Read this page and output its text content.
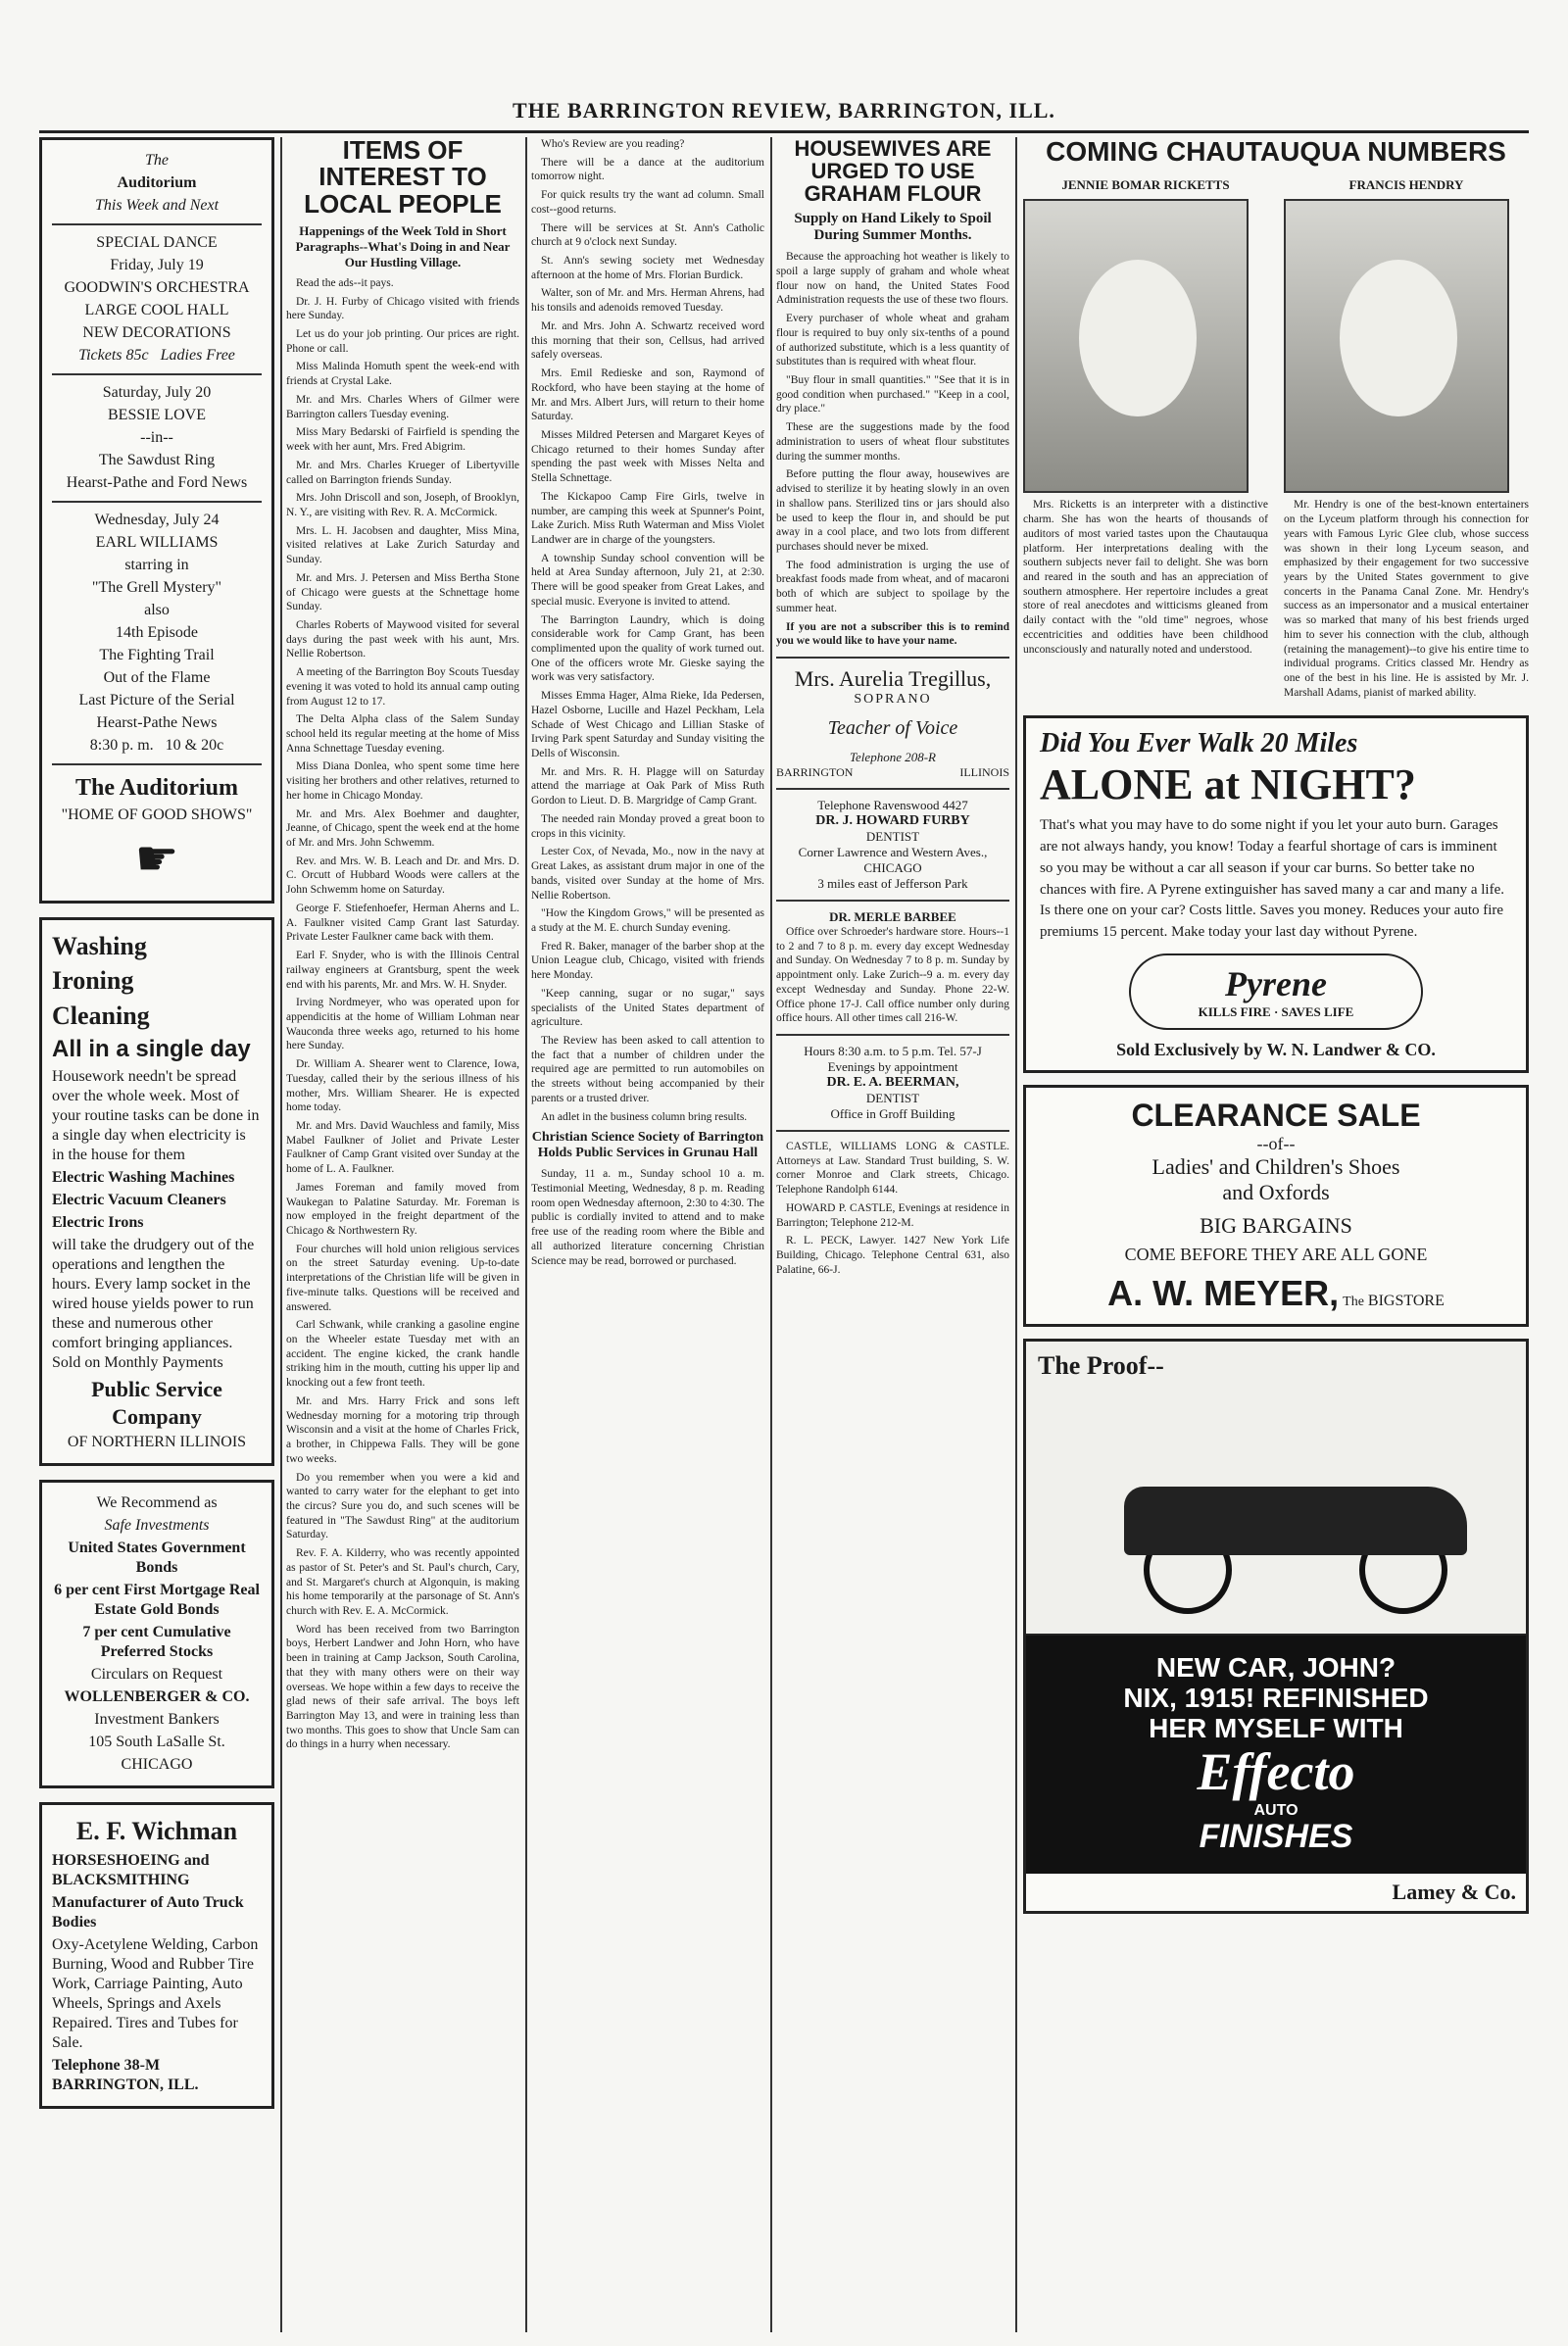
THE BARRINGTON REVIEW, BARRINGTON, ILL.

The

Auditorium

This Week and Next

SPECIAL DANCE

Friday, July 19

GOODWIN'S ORCHESTRA

LARGE COOL HALL

NEW DECORATIONS

Tickets 85c Ladies Free

Saturday, July 20

BESSIE LOVE

--in--

The Sawdust Ring

Hearst-Pathe and Ford News

Wednesday, July 24

EARL WILLIAMS

starring in

"The Grell Mystery"

also

14th Episode

The Fighting Trail

Out of the Flame

Last Picture of the Serial

Hearst-Pathe News

8:30 p. m. 10 & 20c

The Auditorium

"HOME OF GOOD SHOWS"

☛

Washing

Ironing

Cleaning

All in a single day

Housework needn't be spread over the whole week. Most of your routine tasks can be done in a single day when electricity is in the house for them

Electric Washing Machines

Electric Vacuum Cleaners

Electric Irons

will take the drudgery out of the operations and lengthen the hours. Every lamp socket in the wired house yields power to run these and numerous other comfort bringing appliances. Sold on Monthly Payments

Public Service Company

OF NORTHERN ILLINOIS

We Recommend as

Safe Investments

United States Government Bonds

6 per cent First Mortgage Real Estate Gold Bonds

7 per cent Cumulative Preferred Stocks

Circulars on Request

WOLLENBERGER & CO.

Investment Bankers

105 South LaSalle St.

CHICAGO

E. F. Wichman

HORSESHOEING and BLACKSMITHING

Manufacturer of Auto Truck Bodies

Oxy-Acetylene Welding, Carbon Burning, Wood and Rubber Tire Work, Carriage Painting, Auto Wheels, Springs and Axels Repaired. Tires and Tubes for Sale.

Telephone 38-M BARRINGTON, ILL.

ITEMS OF INTEREST TO LOCAL PEOPLE
Happenings of the Week Told in Short Paragraphs--What's Doing in and Near Our Hustling Village.

Read the ads--it pays.

Dr. J. H. Furby of Chicago visited with friends here Sunday.

Let us do your job printing. Our prices are right. Phone or call.

Miss Malinda Homuth spent the week-end with friends at Crystal Lake.

Mr. and Mrs. Charles Whers of Gilmer were Barrington callers Tuesday evening.

Miss Mary Bedarski of Fairfield is spending the week with her aunt, Mrs. Fred Abigrim.

Mr. and Mrs. Charles Krueger of Libertyville called on Barrington friends Sunday.

Mrs. John Driscoll and son, Joseph, of Brooklyn, N. Y., are visiting with Rev. R. A. McCormick.

Mrs. L. H. Jacobsen and daughter, Miss Mina, visited relatives at Lake Zurich Saturday and Sunday.

Mr. and Mrs. J. Petersen and Miss Bertha Stone of Chicago were guests at the Schnettage home Sunday.

Charles Roberts of Maywood visited for several days during the past week with his aunt, Mrs. Nellie Robertson.

A meeting of the Barrington Boy Scouts Tuesday evening it was voted to hold its annual camp outing from August 12 to 17.

The Delta Alpha class of the Salem Sunday school held its regular meeting at the home of Miss Anna Schnettage Tuesday evening.

Miss Diana Donlea, who spent some time here visiting her brothers and other relatives, returned to her home in Chicago Monday.

Mr. and Mrs. Alex Boehmer and daughter, Jeanne, of Chicago, spent the week end at the home of Mr. and Mrs. John Schwemm.

Rev. and Mrs. W. B. Leach and Dr. and Mrs. D. C. Orcutt of Hubbard Woods were callers at the John Schwemm home on Saturday.

George F. Stiefenhoefer, Herman Aherns and L. A. Faulkner visited Camp Grant last Saturday. Private Lester Faulkner came back with them.

Earl F. Snyder, who is with the Illinois Central railway engineers at Grantsburg, spent the week end with his parents, Mr. and Mrs. W. H. Snyder.

Irving Nordmeyer, who was operated upon for appendicitis at the home of William Lohman near Wauconda three weeks ago, returned to his home here Sunday.

Dr. William A. Shearer went to Clarence, Iowa, Tuesday, called their by the serious illness of his mother, Mrs. William Shearer. He is expected home today.

Mr. and Mrs. David Wauchless and family, Miss Mabel Faulkner of Joliet and Private Lester Faulkner of Camp Grant visited over Sunday at the home of L. A. Faulkner.

James Foreman and family moved from Waukegan to Palatine Saturday. Mr. Foreman is now employed in the freight department of the Chicago & Northwestern Ry.

Four churches will hold union religious services on the street Saturday evening. Up-to-date interpretations of the Christian life will be given in five-minute talks. Questions will be received and answered.

Carl Schwank, while cranking a gasoline engine on the Wheeler estate Tuesday met with an accident. The engine kicked, the crank handle striking him in the mouth, cutting his upper lip and knocking out a few front teeth.

Mr. and Mrs. Harry Frick and sons left Wednesday morning for a motoring trip through Wisconsin and a visit at the home of Charles Frick, a brother, in Chippewa Falls. They will be gone two weeks.

Do you remember when you were a kid and wanted to carry water for the elephant to get into the circus? Sure you do, and such scenes will be featured in "The Sawdust Ring" at the auditorium Saturday.

Rev. F. A. Kilderry, who was recently appointed as pastor of St. Peter's and St. Paul's church, Cary, and St. Margaret's church at Algonquin, is making his home temporarily at the parsonage of St. Ann's church with Rev. E. A. McCormick.

Word has been received from two Barrington boys, Herbert Landwer and John Horn, who have been in training at Camp Jackson, South Carolina, that they with many others were on their way overseas. We hope within a few days to receive the glad news of their safe arrival. The boys left Barrington May 13, and were in training less than two months. This goes to show that Uncle Sam can do things in a hurry when necessary.

Who's Review are you reading?

There will be a dance at the auditorium tomorrow night.

For quick results try the want ad column. Small cost--good returns.

There will be services at St. Ann's Catholic church at 9 o'clock next Sunday.

St. Ann's sewing society met Wednesday afternoon at the home of Mrs. Florian Burdick.

Walter, son of Mr. and Mrs. Herman Ahrens, had his tonsils and adenoids removed Tuesday.

Mr. and Mrs. John A. Schwartz received word this morning that their son, Cellsus, had arrived safely overseas.

Mrs. Emil Redieske and son, Raymond of Rockford, who have been staying at the home of Mr. and Mrs. Albert Jurs, will return to their home Saturday.

Misses Mildred Petersen and Margaret Keyes of Chicago returned to their homes Sunday after spending the past week with Misses Nelta and Stella Schnettage.

The Kickapoo Camp Fire Girls, twelve in number, are camping this week at Spunner's Point, Lake Zurich. Miss Ruth Waterman and Miss Violet Landwer are in charge of the youngsters.

A township Sunday school convention will be held at Area Sunday afternoon, July 21, at 2:30. There will be good speaker from Great Lakes, and special music. Everyone is invited to attend.

The Barrington Laundry, which is doing considerable work for Camp Grant, has been complimented upon the quality of work turned out. One of the officers wrote Mr. Gieske saying the work was very satisfactory.

Misses Emma Hager, Alma Rieke, Ida Pedersen, Hazel Osborne, Lucille and Hazel Peckham, Lela Schade of West Chicago and Lillian Staske of Irving Park spent Saturday and Sunday visiting the Dells of Wisconsin.

Mr. and Mrs. R. H. Plagge will on Saturday attend the marriage at Oak Park of Miss Ruth Gordon to Lieut. D. B. Margridge of Camp Grant.

The needed rain Monday proved a great boon to crops in this vicinity.

Lester Cox, of Nevada, Mo., now in the navy at Great Lakes, as assistant drum major in one of the bands, visited over Sunday at the home of Mrs. Nellie Robertson.

"How the Kingdom Grows," will be presented as a study at the M. E. church Sunday evening.

Fred R. Baker, manager of the barber shop at the Union League club, Chicago, visited with friends here Monday.

"Keep canning, sugar or no sugar," says specialists of the United States department of agriculture.

The Review has been asked to call attention to the fact that a number of children under the required age are permitted to run automobiles on the streets without being accompanied by their parents or a trusted driver.

An adlet in the business column bring results.

Christian Science Society of Barrington Holds Public Services in Grunau Hall

Sunday, 11 a. m., Sunday school 10 a. m. Testimonial Meeting, Wednesday, 8 p. m. Reading room open Wednesday afternoon, 2:30 to 4:30. The public is cordially invited to attend and to make free use of the reading room where the Bible and all authorized literature concerning Christian Science may be read, borrowed or purchased.

HOUSEWIVES ARE URGED TO USE GRAHAM FLOUR
Supply on Hand Likely to Spoil During Summer Months.

Because the approaching hot weather is likely to spoil a large supply of graham and whole wheat flour now on hand, the United States Food Administration requests the use of these two flours.

Every purchaser of whole wheat and graham flour is required to buy only six-tenths of a pound of authorized substitute, which is a less quantity of substitutes than is required with wheat flour.

"Buy flour in small quantities." "See that it is in good condition when purchased." "Keep in a cool, dry place."

These are the suggestions made by the food administration to users of wheat flour substitutes during the summer months.

Before putting the flour away, housewives are advised to sterilize it by heating slowly in an oven in shallow pans. Sterilized tins or jars should also be used to keep the flour in, and should be put away in a cool place, and two lots from different purchases should never be mixed.

The food administration is urging the use of breakfast foods made from wheat, and of macaroni both of which are subject to spoilage by the summer heat.

If you are not a subscriber this is to remind you we would like to have your name.

Mrs. Aurelia Tregillus,

SOPRANO

Teacher of Voice

Telephone 208-R

BARRINGTON	ILLINOIS

Telephone Ravenswood 4427

DR. J. HOWARD FURBY

DENTIST

Corner Lawrence and Western Aves.,

CHICAGO

3 miles east of Jefferson Park

DR. MERLE BARBEE

Office over Schroeder's hardware store. Hours--1 to 2 and 7 to 8 p. m. every day except Wednesday and Sunday. On Wednesday 7 to 8 p. m. Sunday by appointment only. Lake Zurich--9 a. m. every day except Wednesday and Sunday. Phone 22-W. Office phone 17-J. Call office number only during office hours. All other times call 216-W.

Hours 8:30 a.m. to 5 p.m. Tel. 57-J

Evenings by appointment

DR. E. A. BEERMAN,

DENTIST

Office in Groff Building

CASTLE, WILLIAMS LONG & CASTLE. Attorneys at Law. Standard Trust building, S. W. corner Monroe and Clark streets, Chicago. Telephone Randolph 6144.

HOWARD P. CASTLE, Evenings at residence in Barrington; Telephone 212-M.

R. L. PECK, Lawyer. 1427 New York Life Building, Chicago. Telephone Central 631, also Palatine, 66-J.

COMING CHAUTAUQUA NUMBERS

JENNIE BOMAR RICKETTS

Mrs. Ricketts is an interpreter with a distinctive charm. She has won the hearts of thousands of auditors of most varied tastes upon the Chautauqua platform. Her interpretations dealing with the southern subjects never fail to delight. She was born and reared in the south and has an appreciation of southern atmosphere. Her repertoire includes a great store of real anecdotes and witticisms gleaned from daily contact with the "old time" negroes, whose eccentricities and oddities have been childhood unconsciously and naturally noted and understood.

FRANCIS HENDRY

Mr. Hendry is one of the best-known entertainers on the Lyceum platform through his connection for years with Famous Lyric Glee club, whose success was shown in their long Lyceum season, and emphasized by their engagement for two successive years by the United States government to give concerts in the Panama Canal Zone. Mr. Hendry's success as an impersonator and a musical entertainer was so marked that many of his best friends urged him to sever his connection with the club, although (retaining the management)--to give his entire time to individual programs. Critics classed Mr. Hendry as one of the best in his line. He is assisted by Mr. J. Marshall Adams, pianist of marked ability.

Did You Ever Walk 20 Miles

ALONE at NIGHT?

That's what you may have to do some night if you let your auto burn. Garages are not always handy, you know! Today a fearful shortage of cars is imminent so you may be without a car all season if your car burns. So better take no chances with fire. A Pyrene extinguisher has saved many a car and many a life. Is there one on your car? Costs little. Saves you money. Reduces your auto fire premiums 15 percent. Make today your last day without Pyrene.

Pyrene

KILLS FIRE · SAVES LIFE

Sold Exclusively by W. N. Landwer & CO.

CLEARANCE SALE

--of--

Ladies' and Children's Shoes

and Oxfords

BIG BARGAINS

COME BEFORE THEY ARE ALL GONE

A. W. MEYER, The BIGSTORE

The Proof--

NEW CAR, JOHN?

NIX, 1915! REFINISHED

HER MYSELF WITH

Effecto

AUTO

FINISHES

Lamey & Co.
